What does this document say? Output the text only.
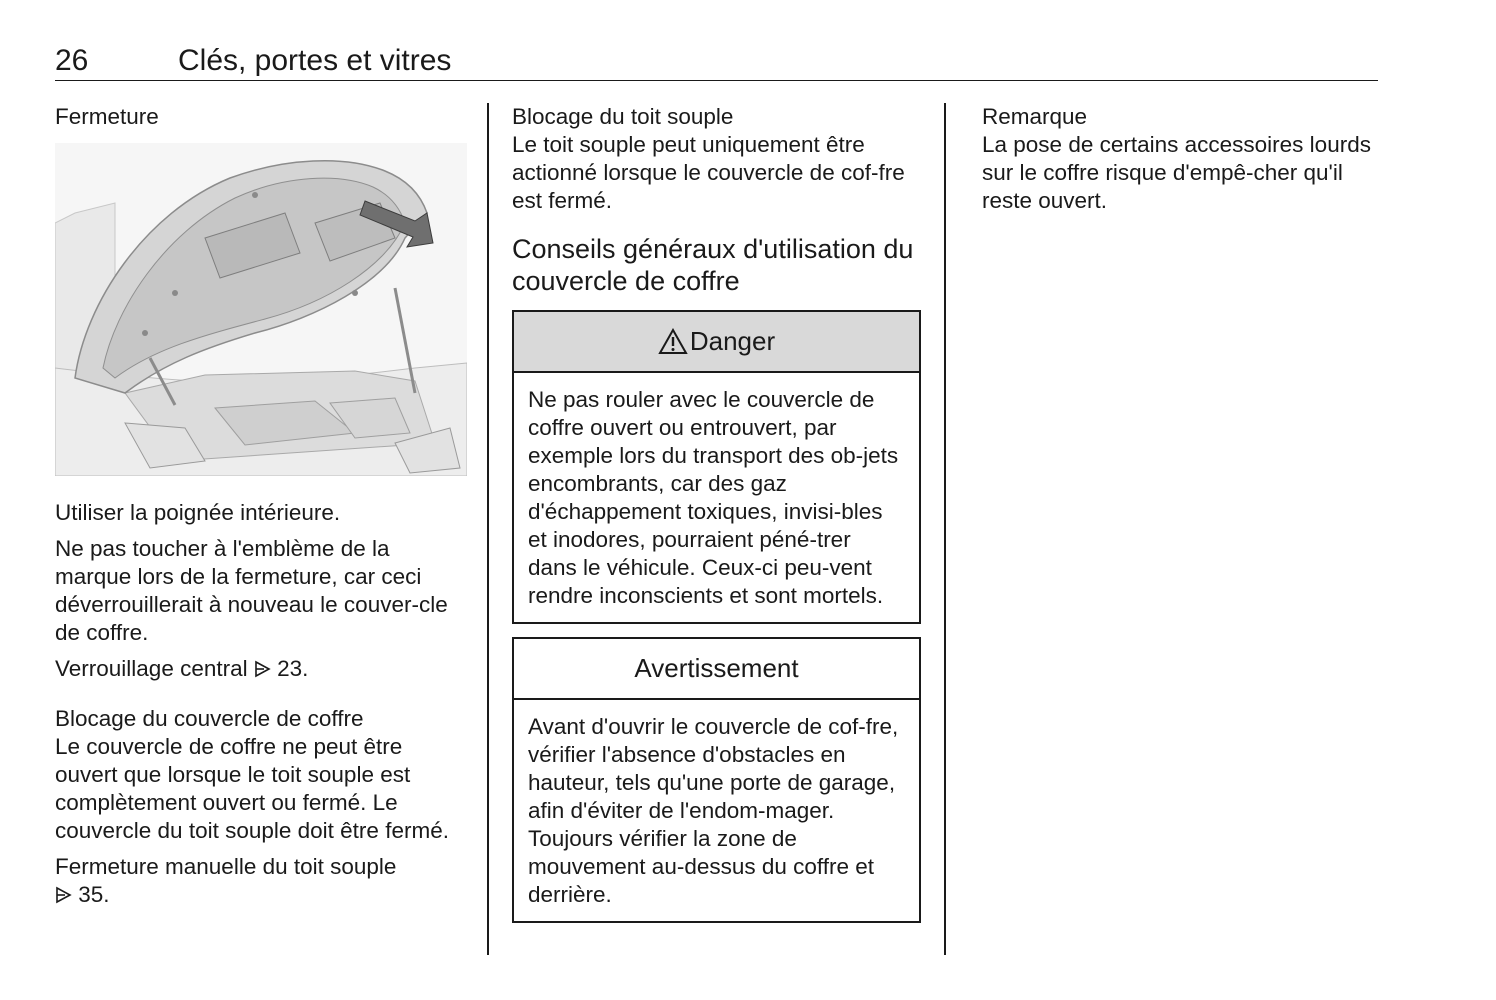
26	Clés, portes et vitres

Fermeture

Utiliser la poignée intérieure.

Ne pas toucher à l'emblème de la marque lors de la fermeture, car ceci déverrouillerait à nouveau le couver-cle de coffre.

Verrouillage central 23.

Blocage du couvercle de coffre

Le couvercle de coffre ne peut être ouvert que lorsque le toit souple est complètement ouvert ou fermé. Le couvercle du toit souple doit être fermé.

Fermeture manuelle du toit souple
35.

Blocage du toit souple

Le toit souple peut uniquement être actionné lorsque le couvercle de cof-fre est fermé.

Conseils généraux d'utilisation du couvercle de coffre

Danger
Ne pas rouler avec le couvercle de coffre ouvert ou entrouvert, par exemple lors du transport des ob-jets encombrants, car des gaz d'échappement toxiques, invisi-bles et inodores, pourraient péné-trer dans le véhicule. Ceux-ci peu-vent rendre inconscients et sont mortels.
Avertissement
Avant d'ouvrir le couvercle de cof-fre, vérifier l'absence d'obstacles en hauteur, tels qu'une porte de garage, afin d'éviter de l'endom-mager. Toujours vérifier la zone de mouvement au-dessus du coffre et derrière.

Remarque

La pose de certains accessoires lourds sur le coffre risque d'empê-cher qu'il reste ouvert.
